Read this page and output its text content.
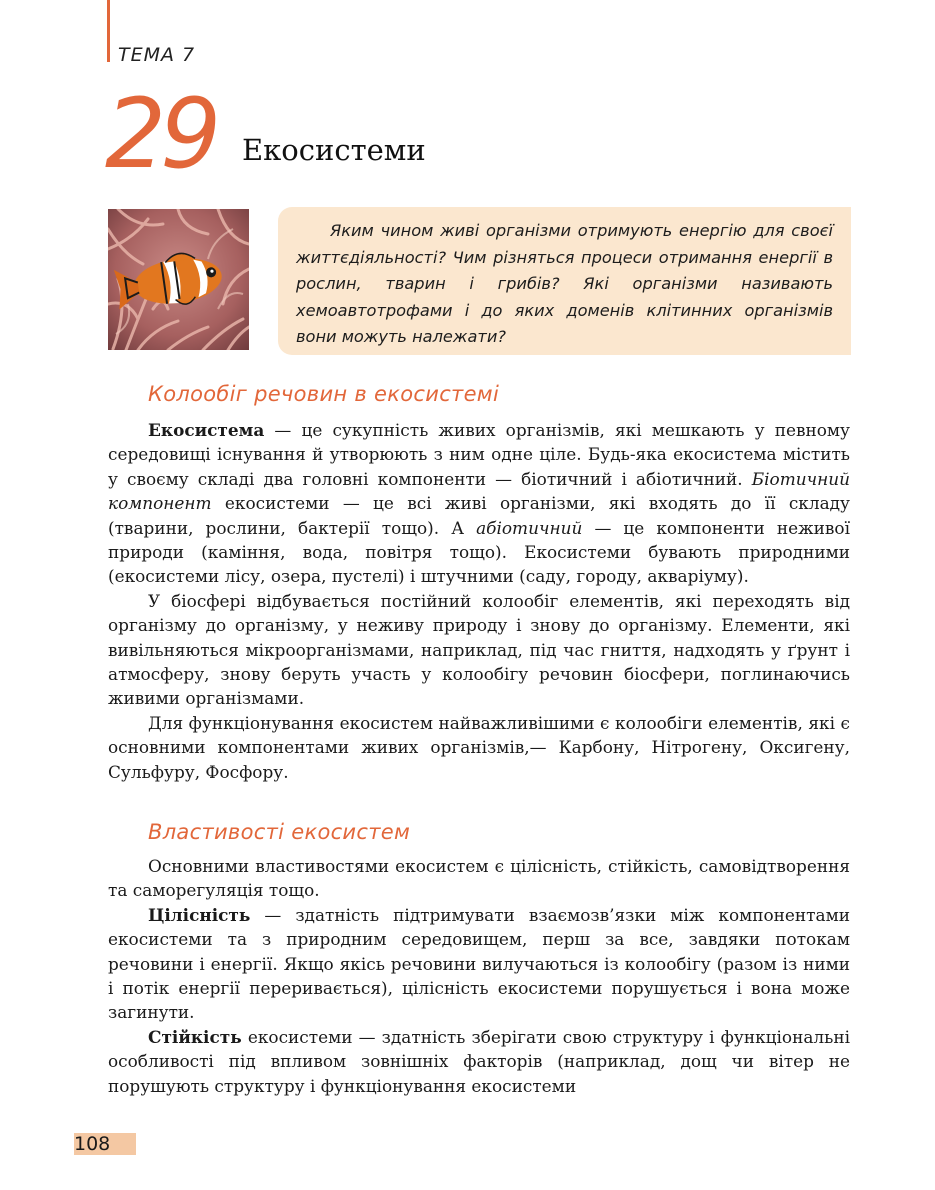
ТЕМА 7
29 Екосистеми

Яким чином живі організми отримують енергію для своєї життєдіяльності? Чим різняться процеси отримання енергії в рослин, тварин і грибів? Які організми називають хемоавтотрофами і до яких доменів клітинних організмів вони можуть належати?

Колообіг речовин в екосистемі

Екосистема — це сукупність живих організмів, які мешкають у певному середовищі існування й утворюють з ним одне ціле. Будь-яка екосистема містить у своєму складі два головні компоненти — біотичний і абіотичний. Біотичний компонент екосистеми — це всі живі організми, які входять до її складу (тварини, рослини, бактерії тощо). А абіотичний — це компоненти неживої природи (каміння, вода, повітря тощо). Екосистеми бувають природними (екосистеми лісу, озера, пустелі) і штучними (саду, городу, акваріуму).

У біосфері відбувається постійний колообіг елементів, які переходять від організму до організму, у неживу природу і знову до організму. Елементи, які вивільняються мікроорганізмами, наприклад, під час гниття, надходять у ґрунт і атмосферу, знову беруть участь у колообігу речовин біосфери, поглинаючись живими організмами.

Для функціонування екосистем найважливішими є колообіги елементів, які є основними компонентами живих організмів,— Карбону, Нітрогену, Оксигену, Сульфуру, Фосфору.

Властивості екосистем

Основними властивостями екосистем є цілісність, стійкість, самовідтворення та саморегуляція тощо.

Цілісність — здатність підтримувати взаємозв’язки між компонентами екосистеми та з природним середовищем, перш за все, завдяки потокам речовини і енергії. Якщо якісь речовини вилучаються із колообігу (разом із ними і потік енергії переривається), цілісність екосистеми порушується і вона може загинути.

Стійкість екосистеми — здатність зберігати свою структуру і функціональні особливості під впливом зовнішніх факторів (наприклад, дощ чи вітер не порушують структуру і функціонування екосистеми

108
